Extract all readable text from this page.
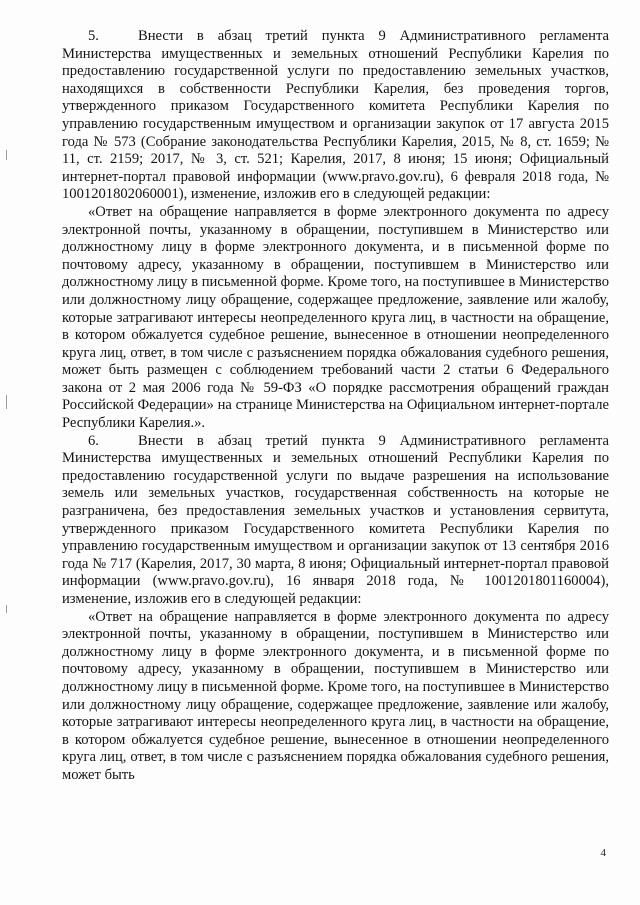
5.	Внести в абзац третий пункта 9 Административного регламента Министерства имущественных и земельных отношений Республики Карелия по предоставлению государственной услуги по предоставлению земельных участков, находящихся в собственности Республики Карелия, без проведения торгов, утвержденного приказом Государственного комитета Республики Карелия по управлению государственным имуществом и организации закупок от 17 августа 2015 года № 573 (Собрание законодательства Республики Карелия, 2015, № 8, ст. 1659; № 11, ст. 2159; 2017, № 3, ст. 521; Карелия, 2017, 8 июня; 15 июня; Официальный интернет-портал правовой информации (www.pravo.gov.ru), 6 февраля 2018 года, № 1001201802060001), изменение, изложив его в следующей редакции:

«Ответ на обращение направляется в форме электронного документа по адресу электронной почты, указанному в обращении, поступившем в Министерство или должностному лицу в форме электронного документа, и в письменной форме по почтовому адресу, указанному в обращении, поступившем в Министерство или должностному лицу в письменной форме. Кроме того, на поступившее в Министерство или должностному лицу обращение, содержащее предложение, заявление или жалобу, которые затрагивают интересы неопределенного круга лиц, в частности на обращение, в котором обжалуется судебное решение, вынесенное в отношении неопределенного круга лиц, ответ, в том числе с разъяснением порядка обжалования судебного решения, может быть размещен с соблюдением требований части 2 статьи 6 Федерального закона от 2 мая 2006 года № 59-ФЗ «О порядке рассмотрения обращений граждан Российской Федерации» на странице Министерства на Официальном интернет-портале Республики Карелия.».

6.	Внести в абзац третий пункта 9 Административного регламента Министерства имущественных и земельных отношений Республики Карелия по предоставлению государственной услуги по выдаче разрешения на использование земель или земельных участков, государственная собственность на которые не разграничена, без предоставления земельных участков и установления сервитута, утвержденного приказом Государственного комитета Республики Карелия по управлению государственным имуществом и организации закупок от 13 сентября 2016 года № 717 (Карелия, 2017, 30 марта, 8 июня; Официальный интернет-портал правовой информации (www.pravo.gov.ru), 16 января 2018 года, № 1001201801160004), изменение, изложив его в следующей редакции:

«Ответ на обращение направляется в форме электронного документа по адресу электронной почты, указанному в обращении, поступившем в Министерство или должностному лицу в форме электронного документа, и в письменной форме по почтовому адресу, указанному в обращении, поступившем в Министерство или должностному лицу в письменной форме. Кроме того, на поступившее в Министерство или должностному лицу обращение, содержащее предложение, заявление или жалобу, которые затрагивают интересы неопределенного круга лиц, в частности на обращение, в котором обжалуется судебное решение, вынесенное в отношении неопределенного круга лиц, ответ, в том числе с разъяснением порядка обжалования судебного решения, может быть

4
